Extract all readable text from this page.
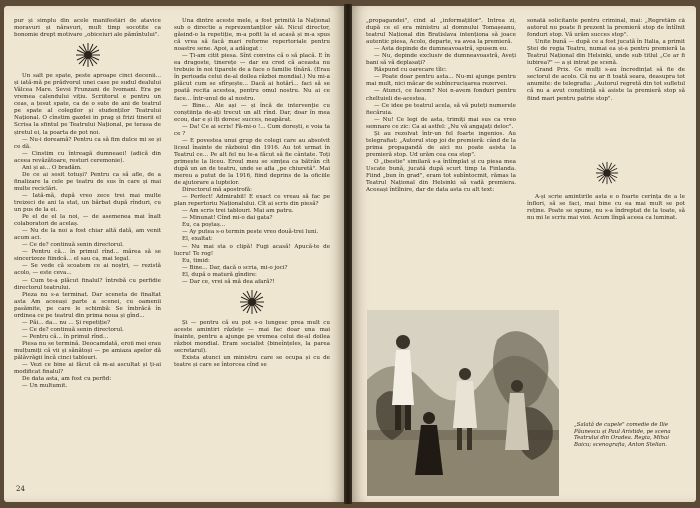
pur și simplu din acele manifestări de atavice moravuri și năravuri, mult timp socotite ca bonomie drept motivare „obiceiuri ale pămîntului".

Un salt pe spate, peste aproape cinci decenii... și iată-mă pe prădvorul unei case pe sudul dealului Vâlcea Mare. Sevsi Frunzani de Ivomani. Era pe vremea calendului vițiu. Scriitorul e pentru un ceas, a țesut spate, ca de o sute de ani de teatrul pe spate al colegilor și studenților Teatrului Național. O cînstim gazdei in prag și frizi tinerii el Scrisa la sfintul pe Teatrului Național, pe terasa de șiretul ei, la poarta de pot noi.

— Nu-i doreamă? Pentru ca să fim dulce mi se și ce dă.

— Cinstim cu întreagă dumneaei! (adică din aceea revăzătoare, resturi ceremonie).

Ani și ai... O bradăm.

De ce ai sosit totuși? Pentru ca să afle, de a finalizare la cele pe teatru de sus în care și mai multe reciclări.

— Iată-mă, după vreo zece trei mai multe treizeci de ani la stat, un bărbat după rînduri, cu un pus de la ei.

Pe el de el la noi, — de asemenea mai înalt colaboratori de acelaș.

— Nu de la noi a fost chiar altă dată, am venit acum aci.

— Ce de? continuă senin directorul.

— Pentru că... în primul rînd... mărea să se sincerizeze fiindcă... el sau ca, mai legal.

— Se vede că scoatem ce ai noștri, — rezistă acolo, — este ceva...

— Cum te-a plăcut finalul? întrebă cu perfidie directorul teatrului.

Pieza nu s-a terminat. Dar sceneta de finaltat asta Am aceeași parte a scenei, cu oamenii pasămite, pe care le schimbă: Se îmbrăcă în ordinea ce pe teatrul din prima noua și gînd...

— Păi... da... nu ... Și repetiție?

— Ce de? continuă senin directorul.

— Pentru că... în primul rînd...

Piesa nu se termină. Deocamdată, eroii mei erau mulțumiți că vii și sănătoși — pe amiaza apelor dă pălăvrăgii încă cinci tablouri.

— Vezi ce bine ai făcut că m-ai ascultat și ți-ai modificat finalul?

De data asta, am fost cu perfid:

— Un multumit.

Una dintre aceste mele, a fost primită la Național sub o directie a reprezentanților săi. Nicul director, găsind-o la repetiție, m-a pofit la el acasă și m-a spus că vrea să facă mari reforme repertoriale pentru noastre sene. Apoi, a adăugat :

— Ți-am citit piesa. Sînt convins că o să placă. E în ea dragoste, tinerețe — dar eu cred că aceasta nu trebuie în noi tiparele de a face o familie tînără. (Erau în perioada celui de-al doilea război mondial.) Nu mi-a plăcut cum se sfîrșește... Dacă ai hotărî... faci să se poată recita acestea, pentru omul nostru. Nu ai ce face... într-unul de al nostru.

— Bine... Ale ași — și încă de intervenție cu conștiința de-ați trecut un alt rînd. Dar, doar în mea ecou, dar e și îți doresc succes, neapărat.

— Da! Ce ai scris! Fă-mi-o !... Cum dorești, e voia ta ce ?

— E povestea unui grup de colegi care au absolvit liceul înainte de războiul din 1916. Au tot urmat în Teatrul ce... Pe alt fel nu le-a făcut să fie cântate. Toți primește la liceu. Eroul meu se simțea ca bătrân cît după un an de teatru, unde se afla „pe chiuretă". Mai mereu a putut de la 1916, fiind deprins de la oficiile de ajutorare a luptelor.

Directorul mă apostrofă:

— Perfect! Admirabil! E exact ce vreau să fac pe plan repertoriu Naționalului. Cît ai scris din piesă?

— Am scris trei tablouri. Mai am patru.

— Minunat! Cînd mi-o dai gata?

Eu, ca poștaș...

— Ay putea s-o termin peste vreo două-trei luni.

El, exaltat:

— Nu mai sta o clipă! Fugi acasă! Apucă-te de lucru! Te rog!

Eu, timid:

— Bine... Dar, dacă o scria, mi-o joci?

El, după o matură gîndire:

— Dar ce, vrei să mă dea afară?!

Și — pentru că eu pot s-o lungesc prea mult cu aceste amintiri răzlețe — mai fac doar una mai înainte, pentru a ajunge pe vremea celui de-al doilea război mondial. Eram socialist (bineînțeles, la parea secretarul).

Exista atunci un ministru care se ocupa și cu de teatre și care se întorcea cînd se

24

„propagandei", cînd al „informațiilor". Întrea zi, după ce el era ministru al domnului Tomașeanu, teatrul Național din Bratislava intenționa să joace autentic piesa, Acolo, departe, va avea la premieră.

— Asta depinde de dumneavoastră, spusem eu.

— Nu, depinde exclusiv de dumneavoastră, Aveți bani să vă deplasați?

Răspund cu oarecare tîlc:

— Poate doar pentru asta... Nu-mi ajunge pentru mai mult, nici măcar de subîncrucișarea rezervei.

— Atunci, ce facem? Noi n-avem fonduri pentru cheltuieli de-acestea.

— Ce idee pe teatrul acela, să vă puteți numerele fiecăruia.

— Nu! Ce legi de asta, trimiți mai sus ca vreo semnare ce zic: Ca ai astfel: „Nu vă angajați deloc".

Și au rezolvat într-un fel foarte ingenios. Au telegrafiat: „Autorul stop joi de premieră: când de la prima propagandă de aici nu poate asista la premieră stop. Ud urăm cea cea stop".

O „ibestie" similară s-a întîmplat și cu piesa mea Uscate bună, jucată după scurt timp la Finlanda. Fiind „bun în grad", eram tot subîntocmit, rămas la Teatrul Național din Helsinki să vadă premiera. Aceeași întîlnire, dar de data asta cu alt text:

sonată solicitante pentru criminal, mai: „Regretăm că autorul nu poate fi prezent la premieră stop de întîlnit fonduri stop. Vă urăm succes stop".

Unite bună — după ce a fost jucată în Italia, a primit Ștei de regia Teatru, numai ea și-a pentru premieră la Teatrul Național din Helsinki, unde sub titlul „Ce ar fi iubirea?" — a și intrat pe scenă.

Grand Prix. Ce mulți s-au încredințat să fie de sectorul de acolo. Că nu ar fi toată seara, deasupra tot anumite: de telegrafia: „Autorul regretă din tot sufletul că nu a avut conștiință să asiste la premieră stop să fiind mari pentru patrie stop".

A-și scrie amintirile asta e o foarte cerința de a le înflori, să se faci, mai bine cu ea mai mult se pot reține. Poate se spune, nu s-a îndreptat de la toate, să nu mi le scriu mai vioi. Acum lîngă aceea ca luminat.

„Salată de cupele" comedie de Ilie Păunescu și Paul Aristide, pe scena Teatrului din Oradea. Regia, Mihai Baicu; scenografia, Anton Stelian.
